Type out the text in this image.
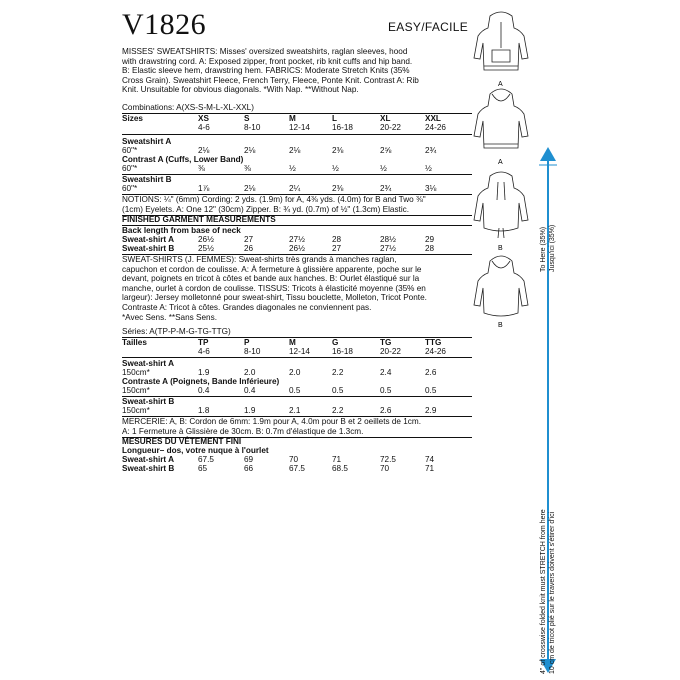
V1826	EASY/FACILE
MISSES' SWEATSHIRTS: Misses' oversized sweatshirts, raglan sleeves, hood
with drawstring cord. A: Exposed zipper, front pocket, rib knit cuffs and hip band.
B: Elastic sleeve hem, drawstring hem. FABRICS: Moderate Stretch Knits (35%
Cross Grain). Sweatshirt Fleece, French Terry, Fleece, Ponte Knit. Contrast A: Rib
Knit. Unsuitable for obvious diagonals. *With Nap. **Without Nap.
Combinations: A(XS-S-M-L-XL-XXL)
Sizes	XS	S	M	L	XL	XXL
4-6	8-10	12-14	16-18	20-22	24-26
Sweatshirt A
60"*	2⅛	2⅛	2⅛	2⅜	2⅝	2¾
Contrast A (Cuffs, Lower Band)
60"*	⅜	⅜	½	½	½	½
Sweatshirt B
60"*	1⅞	2⅛	2¼	2⅜	2¾	3⅛
NOTIONS: ¼" (6mm) Cording: 2 yds. (1.9m) for A, 4⅜ yds. (4.0m) for B and Two ⅜"
(1cm) Eyelets. A: One 12" (30cm) Zipper. B: ¾ yd. (0.7m) of ½" (1.3cm) Elastic.
FINISHED GARMENT MEASUREMENTS
Back length from base of neck
Sweat-shirt A	26½	27	27½	28	28½	29
Sweat-shirt B	25½	26	26½	27	27½	28
SWEAT-SHIRTS (J. FEMMES): Sweat-shirts très grands à manches raglan,
capuchon et cordon de coulisse. A: À fermeture à glissière apparente, poche sur le
devant, poignets en tricot à côtes et bande aux hanches. B: Ourlet élastiqué sur la
manche, ourlet à cordon de coulisse. TISSUS: Tricots à élasticité moyenne (35% en
largeur): Jersey molletonné pour sweat-shirt, Tissu bouclette, Molleton, Tricot Ponte.
Contraste A: Tricot à côtes. Grandes diagonales ne conviennent pas.
*Avec Sens. **Sans Sens.
Séries: A(TP-P-M-G-TG-TTG)
Tailles	TP	P	M	G	TG	TTG
4-6	8-10	12-14	16-18	20-22	24-26
Sweat-shirt A
150cm*	1.9	2.0	2.0	2.2	2.4	2.6
Contraste A (Poignets, Bande Inférieure)
150cm*	0.4	0.4	0.5	0.5	0.5	0.5
Sweat-shirt B
150cm*	1.8	1.9	2.1	2.2	2.6	2.9
MERCERIE: A, B: Cordon de 6mm: 1.9m pour A, 4.0m pour B et 2 oeillets de 1cm.
A: 1 Fermeture à Glissière de 30cm. B: 0.7m d'élastique de 1.3cm.
MESURES DU VÊTEMENT FINI
Longueur– dos, votre nuque à l'ourlet
Sweat-shirt A	67.5	69	70	71	72.5	74
Sweat-shirt B	65	66	67.5	68.5	70	71
A
A
B
B
To Here (35%) Jusqu'ici (35%)
4" of crosswise folded knit must STRETCH from here 10 cm de tricot plié sur le travers doivent s'étirer d'ici
